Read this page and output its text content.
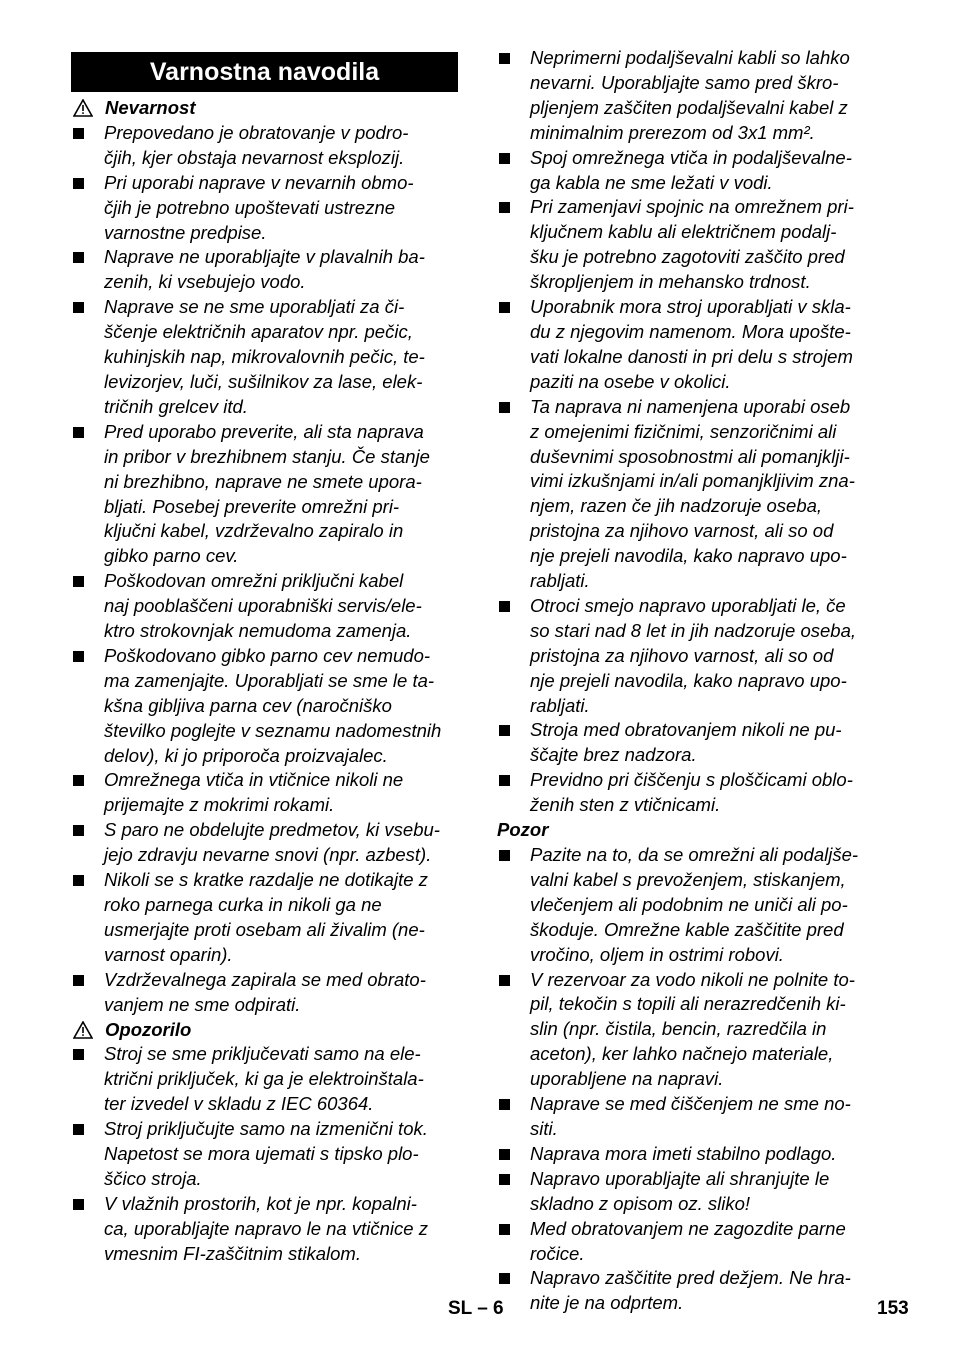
Varnostna navodila
Nevarnost
Prepovedano je obratovanje v podro-
čjih, kjer obstaja nevarnost eksplozij.
Pri uporabi naprave v nevarnih obmo-
čjih je potrebno upoštevati ustrezne
varnostne predpise.
Naprave ne uporabljajte v plavalnih ba-
zenih, ki vsebujejo vodo.
Naprave se ne sme uporabljati za či-
ščenje električnih aparatov npr. pečic,
kuhinjskih nap, mikrovalovnih pečic, te-
levizorjev, luči, sušilnikov za lase, elek-
tričnih grelcev itd.
Pred uporabo preverite, ali sta naprava
in pribor v brezhibnem stanju. Če stanje
ni brezhibno, naprave ne smete upora-
bljati. Posebej preverite omrežni pri-
ključni kabel, vzdrževalno zapiralo in
gibko parno cev.
Poškodovan omrežni priključni kabel
naj pooblaščeni uporabniški servis/ele-
ktro strokovnjak nemudoma zamenja.
Poškodovano gibko parno cev nemudo-
ma zamenjajte. Uporabljati se sme le ta-
kšna gibljiva parna cev (naročniško
številko poglejte v seznamu nadomestnih
delov), ki jo priporoča proizvajalec.
Omrežnega vtiča in vtičnice nikoli ne
prijemajte z mokrimi rokami.
S paro ne obdelujte predmetov, ki vsebu-
jejo zdravju nevarne snovi (npr. azbest).
Nikoli se s kratke razdalje ne dotikajte z
roko parnega curka in nikoli ga ne
usmerjajte proti osebam ali živalim (ne-
varnost oparin).
Vzdrževalnega zapirala se med obrato-
vanjem ne sme odpirati.
Opozorilo
Stroj se sme priključevati samo na ele-
ktrični priključek, ki ga je elektroinštala-
ter izvedel v skladu z IEC 60364.
Stroj priključujte samo na izmenični tok.
Napetost se mora ujemati s tipsko plo-
ščico stroja.
V vlažnih prostorih, kot je npr. kopalni-
ca, uporabljajte napravo le na vtičnice z
vmesnim FI-zaščitnim stikalom.
Neprimerni podaljševalni kabli so lahko
nevarni. Uporabljajte samo pred škro-
pljenjem zaščiten podaljševalni kabel z
minimalnim prerezom od 3x1 mm².
Spoj omrežnega vtiča in podaljševalne-
ga kabla ne sme ležati v vodi.
Pri zamenjavi spojnic na omrežnem pri-
ključnem kablu ali električnem podalj-
šku je potrebno zagotoviti zaščito pred
škropljenjem in mehansko trdnost.
Uporabnik mora stroj uporabljati v skla-
du z njegovim namenom. Mora upošte-
vati lokalne danosti in pri delu s strojem
paziti na osebe v okolici.
Ta naprava ni namenjena uporabi oseb
z omejenimi fizičnimi, senzoričnimi ali
duševnimi sposobnostmi ali pomanjklji-
vimi izkušnjami in/ali pomanjkljivim zna-
njem, razen če jih nadzoruje oseba,
pristojna za njihovo varnost, ali so od
nje prejeli navodila, kako napravo upo-
rabljati.
Otroci smejo napravo uporabljati le, če
so stari nad 8 let in jih nadzoruje oseba,
pristojna za njihovo varnost, ali so od
nje prejeli navodila, kako napravo upo-
rabljati.
Stroja med obratovanjem nikoli ne pu-
ščajte brez nadzora.
Previdno pri čiščenju s ploščicami oblo-
ženih sten z vtičnicami.
Pozor
Pazite na to, da se omrežni ali podaljše-
valni kabel s prevoženjem, stiskanjem,
vlečenjem ali podobnim ne uniči ali po-
škoduje. Omrežne kable zaščitite pred
vročino, oljem in ostrimi robovi.
V rezervoar za vodo nikoli ne polnite to-
pil, tekočin s topili ali nerazredčenih ki-
slin (npr. čistila, bencin, razredčila in
aceton), ker lahko načnejo materiale,
uporabljene na napravi.
Naprave se med čiščenjem ne sme no-
siti.
Naprava mora imeti stabilno podlago.
Napravo uporabljajte ali shranjujte le
skladno z opisom oz. sliko!
Med obratovanjem ne zagozdite parne
ročice.
Napravo zaščitite pred dežjem. Ne hra-
nite je na odprtem.
SL – 6	153
